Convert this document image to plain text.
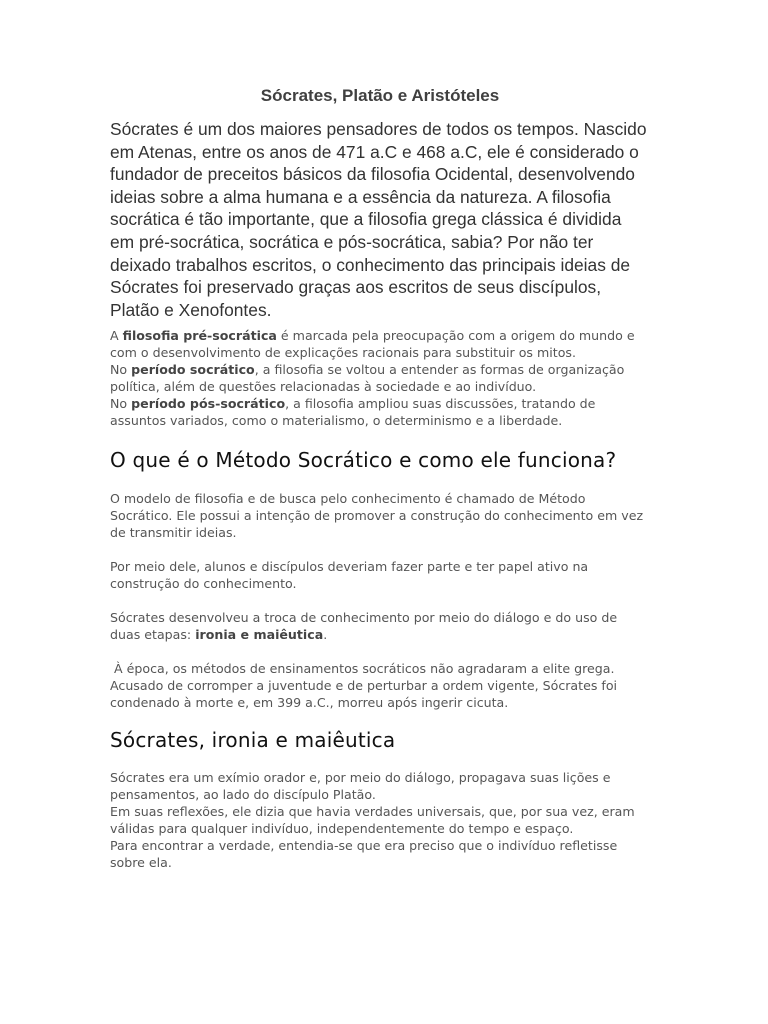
Sócrates, Platão e Aristóteles

Sócrates é um dos maiores pensadores de todos os tempos. Nascido em Atenas, entre os anos de 471 a.C e 468 a.C, ele é considerado o fundador de preceitos básicos da filosofia Ocidental, desenvolvendo ideias sobre a alma humana e a essência da natureza. A filosofia socrática é tão importante, que a filosofia grega clássica é dividida em pré-socrática, socrática e pós-socrática, sabia? Por não ter deixado trabalhos escritos, o conhecimento das principais ideias de Sócrates foi preservado graças aos escritos de seus discípulos, Platão e Xenofontes.

A filosofia pré-socrática é marcada pela preocupação com a origem do mundo e com o desenvolvimento de explicações racionais para substituir os mitos.

No período socrático, a filosofia se voltou a entender as formas de organização política, além de questões relacionadas à sociedade e ao indivíduo.

No período pós-socrático, a filosofia ampliou suas discussões, tratando de assuntos variados, como o materialismo, o determinismo e a liberdade.

O que é o Método Socrático e como ele funciona?

O modelo de filosofia e de busca pelo conhecimento é chamado de Método Socrático. Ele possui a intenção de promover a construção do conhecimento em vez de transmitir ideias.

Por meio dele, alunos e discípulos deveriam fazer parte e ter papel ativo na construção do conhecimento.

Sócrates desenvolveu a troca de conhecimento por meio do diálogo e do uso de duas etapas: ironia e maiêutica.

À época, os métodos de ensinamentos socráticos não agradaram a elite grega. Acusado de corromper a juventude e de perturbar a ordem vigente, Sócrates foi condenado à morte e, em 399 a.C., morreu após ingerir cicuta.

Sócrates, ironia e maiêutica

Sócrates era um exímio orador e, por meio do diálogo, propagava suas lições e pensamentos, ao lado do discípulo Platão.

Em suas reflexões, ele dizia que havia verdades universais, que, por sua vez, eram válidas para qualquer indivíduo, independentemente do tempo e espaço.

Para encontrar a verdade, entendia-se que era preciso que o indivíduo refletisse sobre ela.
